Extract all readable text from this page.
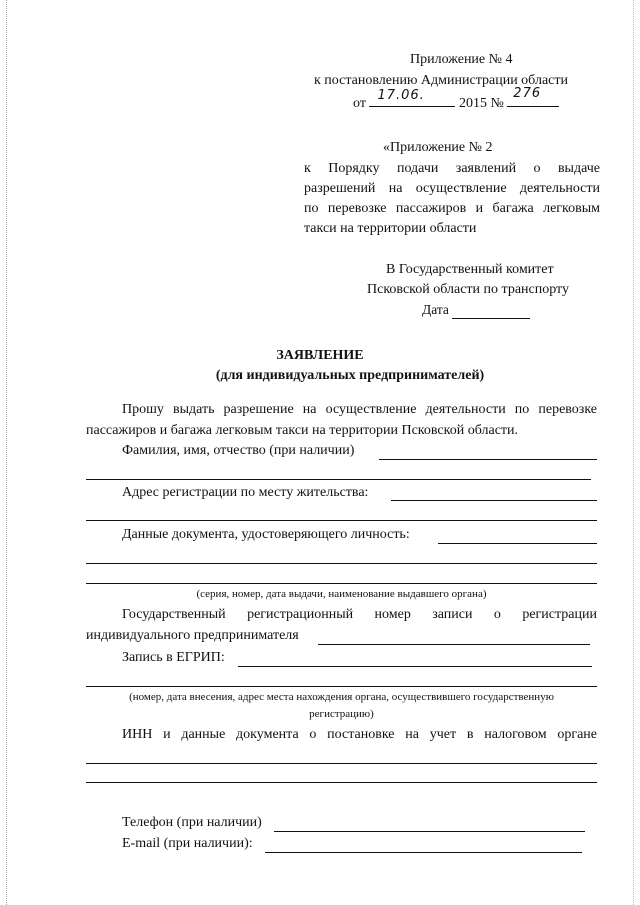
Приложение № 4
к постановлению Администрации области
от
17.06.
2015 №
276
«Приложение № 2
к Порядку подачи заявлений о выдаче
разрешений на осуществление деятельности
по перевозке пассажиров и багажа легковым
такси на территории области
В Государственный комитет
Псковской области по транспорту
Дата
ЗАЯВЛЕНИЕ
(для индивидуальных предпринимателей)
Прошу выдать разрешение на осуществление деятельности по перевозке
пассажиров и багажа легковым такси на территории Псковской области.
Фамилия, имя, отчество (при наличии)
Адрес регистрации по месту жительства:
Данные документа, удостоверяющего личность:
(серия, номер, дата выдачи, наименование выдавшего органа)
Государственный регистрационный номер записи о регистрации
индивидуального предпринимателя
Запись в ЕГРИП:
(номер, дата внесения, адрес места нахождения органа, осуществившего государственную
регистрацию)
ИНН и данные документа о постановке на учет в налоговом органе
Телефон (при наличии)
E-mail (при наличии):
